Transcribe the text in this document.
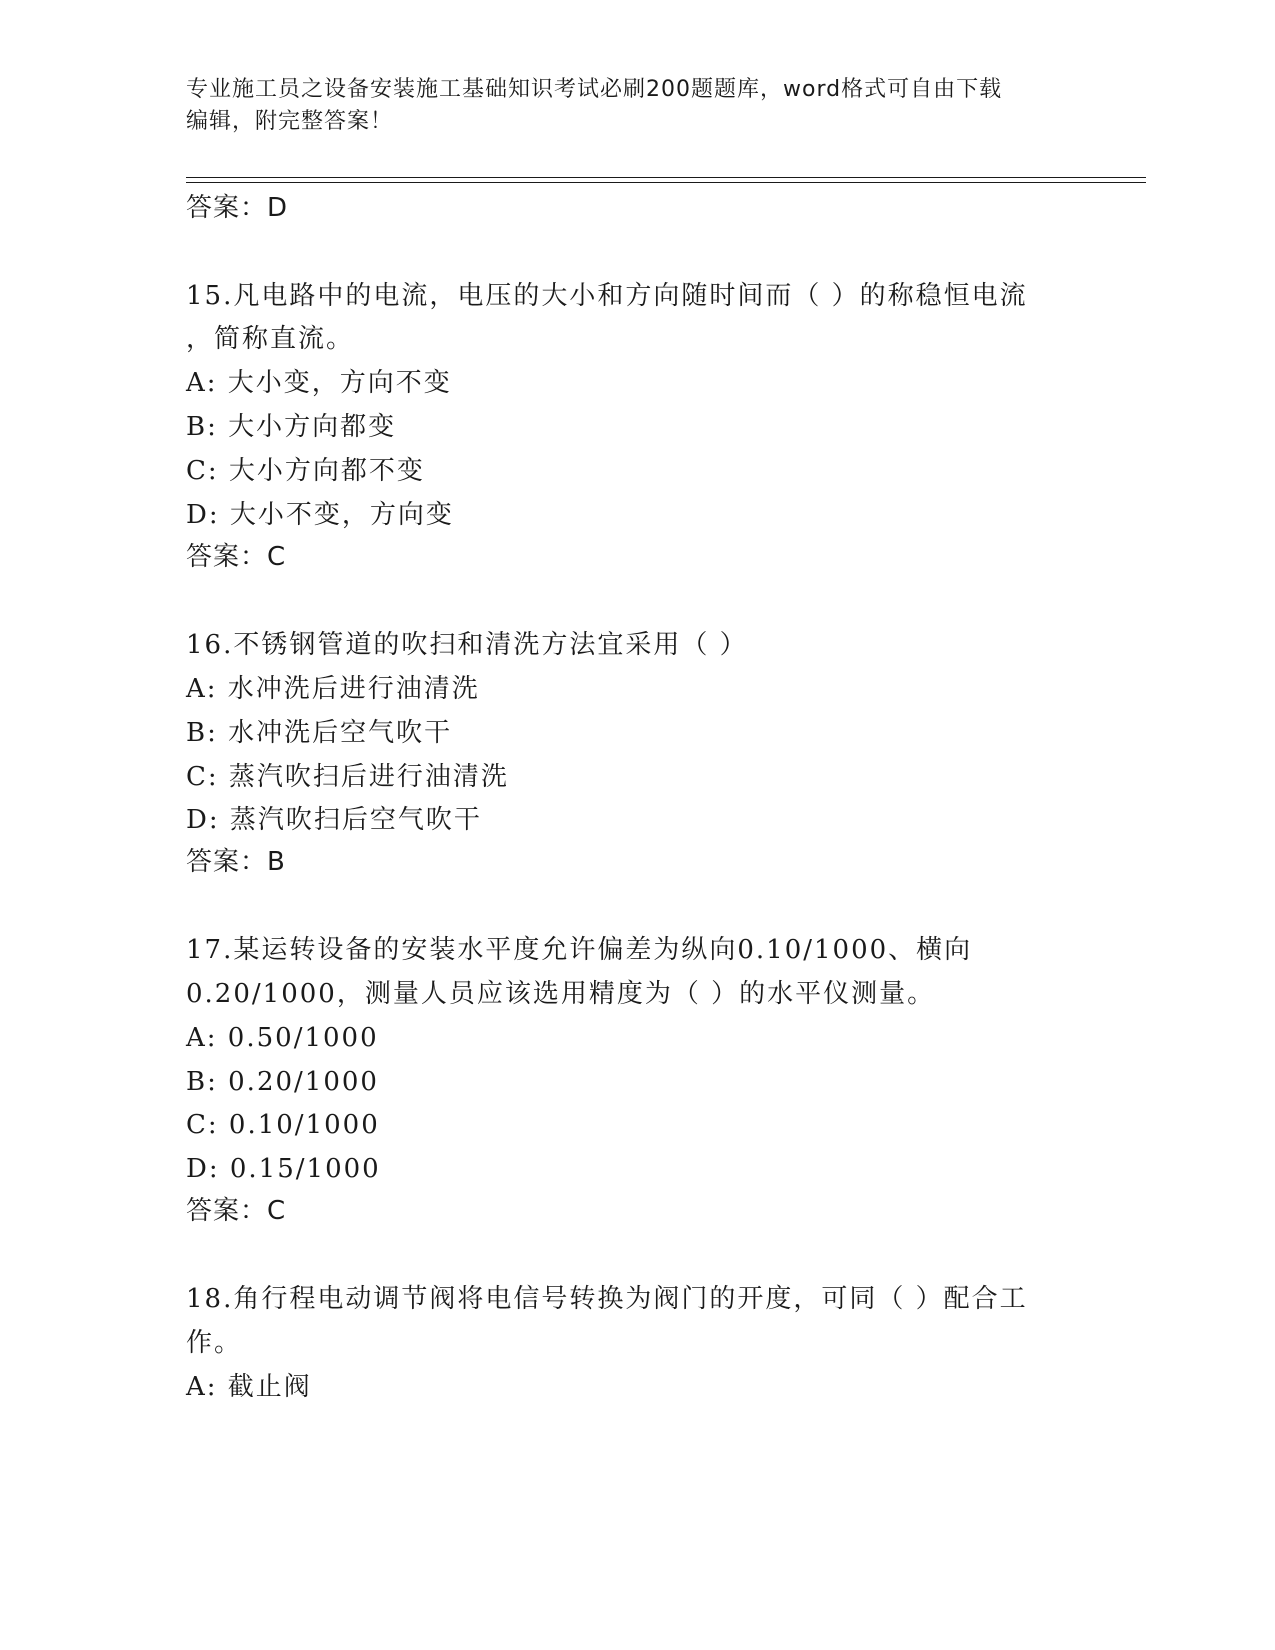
专业施工员之设备安装施工基础知识考试必刷200题题库，word格式可自由下载
编辑，附完整答案！
答案：D
15.凡电路中的电流，电压的大小和方向随时间而（ ）的称稳恒电流
，简称直流。
A: 大小变，方向不变
B: 大小方向都变
C: 大小方向都不变
D: 大小不变，方向变
答案：C
16.不锈钢管道的吹扫和清洗方法宜采用（ ）
A: 水冲洗后进行油清洗
B: 水冲洗后空气吹干
C: 蒸汽吹扫后进行油清洗
D: 蒸汽吹扫后空气吹干
答案：B
17.某运转设备的安装水平度允许偏差为纵向0.10/1000、横向
0.20/1000，测量人员应该选用精度为（ ）的水平仪测量。
A: 0.50/1000
B: 0.20/1000
C: 0.10/1000
D: 0.15/1000
答案：C
18.角行程电动调节阀将电信号转换为阀门的开度，可同（ ）配合工
作。
A: 截止阀
